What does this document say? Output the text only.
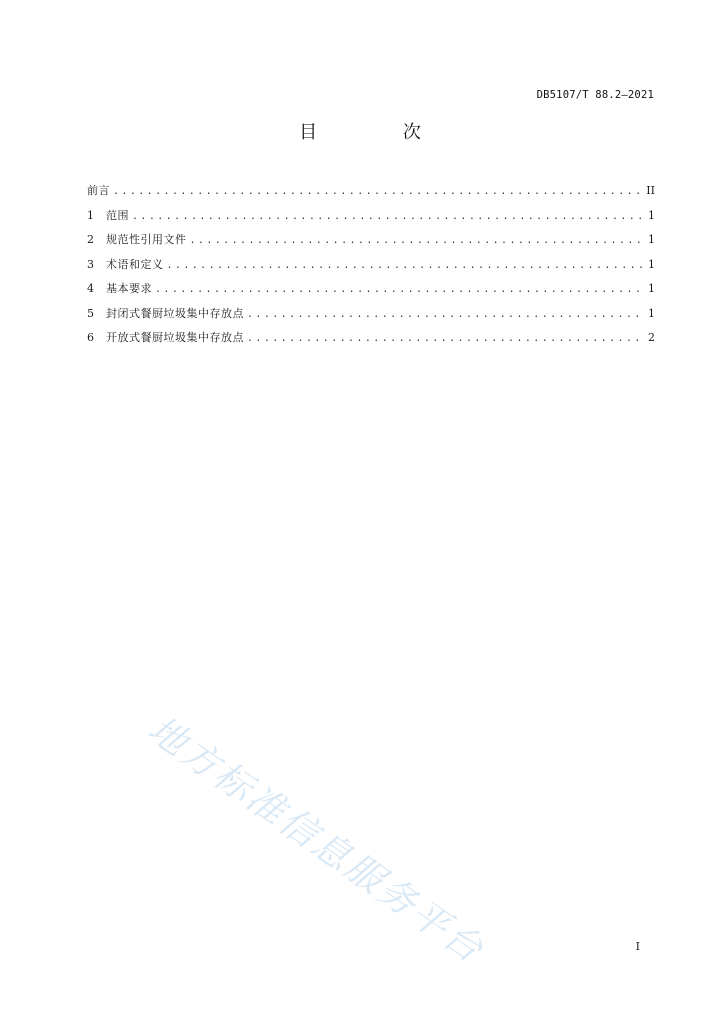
DB5107/T 88.2—2021
目 次
前言 .....	II
1	范围 .....	1
2	规范性引用文件 .....	1
3	术语和定义 .....	1
4	基本要求 .....	1
5	封闭式餐厨垃圾集中存放点 .....	1
6	开放式餐厨垃圾集中存放点 .....	2
地方标准信息服务平台	I
